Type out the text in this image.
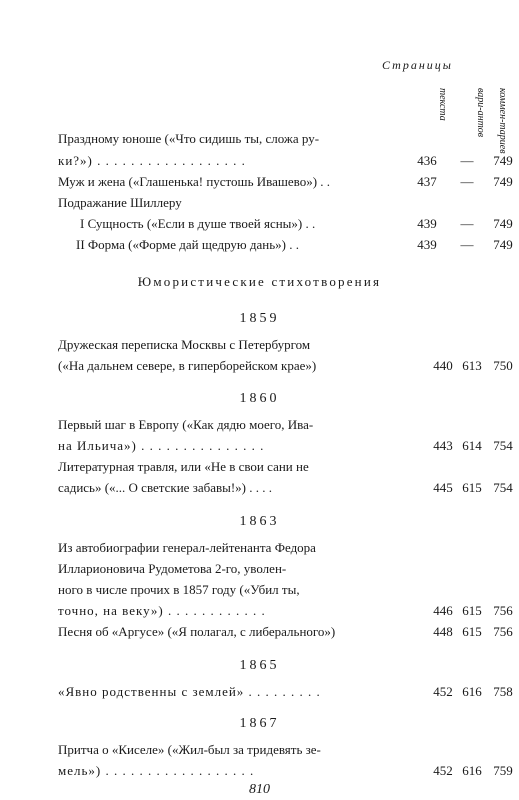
Страницы
текста	вари-антов коммен-тариев
Праздному юноше («Что сидишь ты, сложа ру-
ки?») . . . . . . . . . . . . . . . . . .	436	—	749
Муж и жена («Глашенька! пустошь Ивашево») . .	437	—	749
Подражание Шиллеру
I Сущность («Если в душе твоей ясны») . .	439	—	749
II Форма («Форме дай щедрую дань») . .	439	—	749
Юмористические стихотворения
1859
Дружеская переписка Москвы с Петербургом
(«На дальнем севере, в гиперборейском крае»)	440 613 750
1860
Первый шаг в Европу («Как дядю моего, Ива-
на Ильича») . . . . . . . . . . . . . . .	443 614 754
Литературная травля, или «Не в свои сани не
садись» («... О светские забавы!») . . . .	445 615 754
1863
Из автобиографии генерал-лейтенанта Федора
Илларионовича Рудометова 2-го, уволен-
ного в числе прочих в 1857 году («Убил ты,
точно, на веку») . . . . . . . . . . . .	446 615 756
Песня об «Аргусе» («Я полагал, с либерального»)	448 615 756
1865
«Явно родственны с землей» . . . . . . . . .	452 616 758
1867
Притча о «Киселе» («Жил-был за тридевять зе-
мель») . . . . . . . . . . . . . . . . . .	452 616 759
810
